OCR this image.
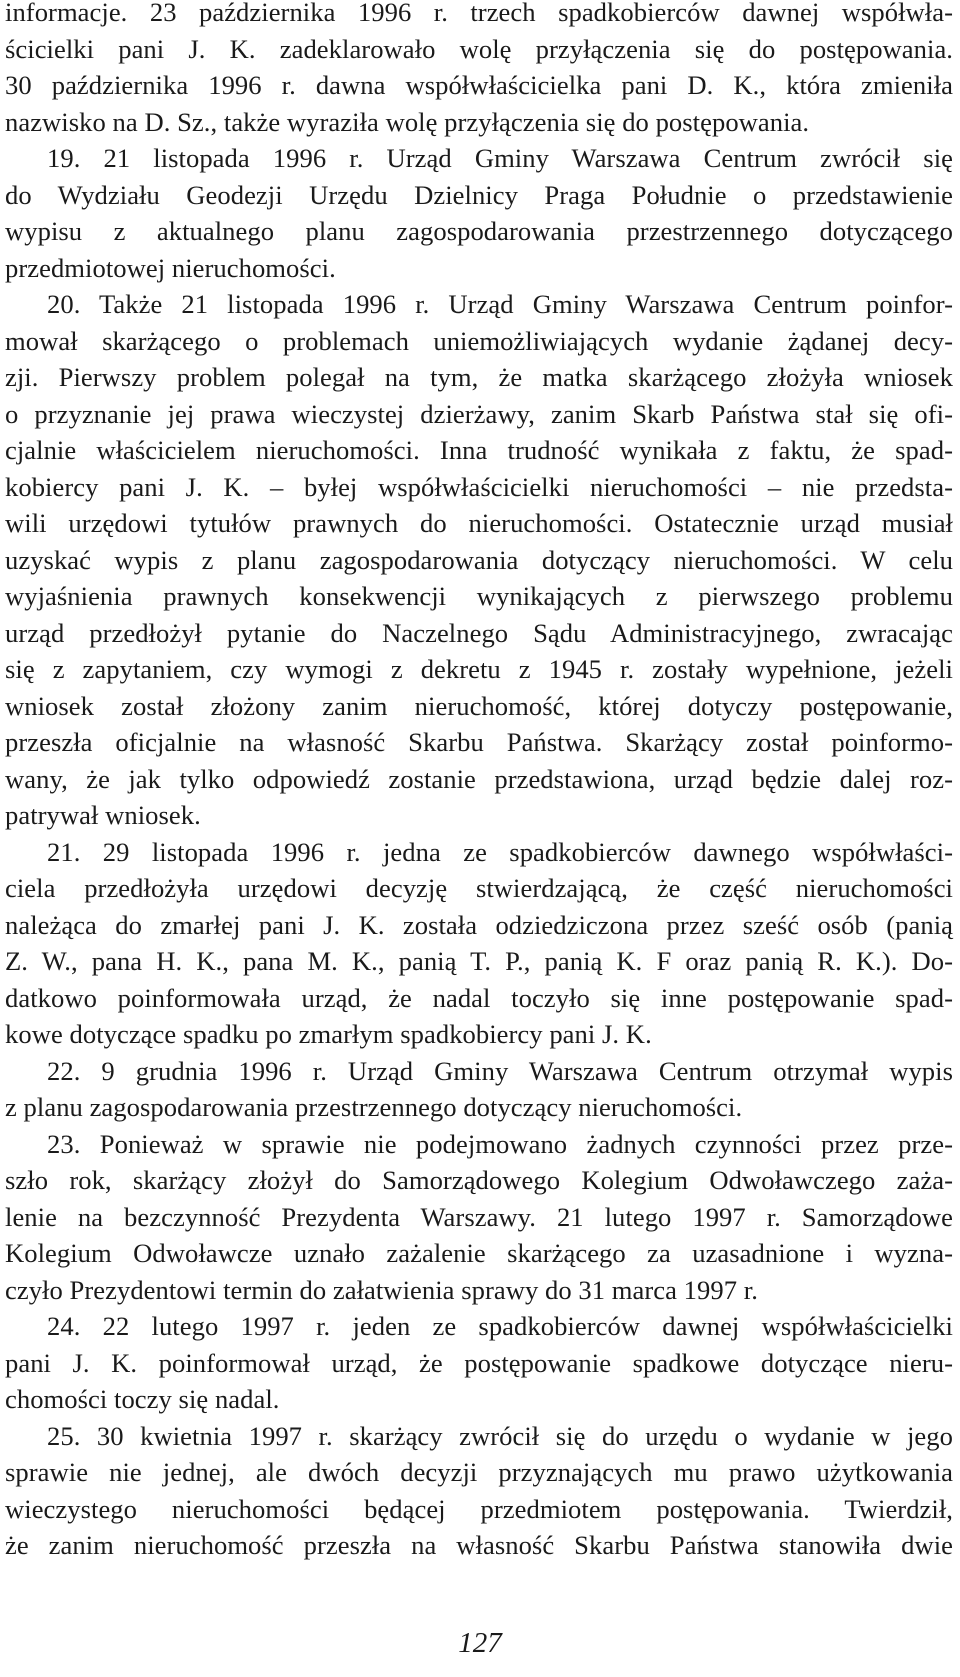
informacje. 23 października 1996 r. trzech spadkobierców dawnej współwła-
ścicielki pani J. K. zadeklarowało wolę przyłączenia się do postępowania.
30 października 1996 r. dawna współwłaścicielka pani D. K., która zmieniła
nazwisko na D. Sz., także wyraziła wolę przyłączenia się do postępowania.
19. 21 listopada 1996 r. Urząd Gminy Warszawa Centrum zwrócił się
do Wydziału Geodezji Urzędu Dzielnicy Praga Południe o przedstawienie
wypisu z aktualnego planu zagospodarowania przestrzennego dotyczącego
przedmiotowej nieruchomości.
20. Także 21 listopada 1996 r. Urząd Gminy Warszawa Centrum poinfor-
mował skarżącego o problemach uniemożliwiających wydanie żądanej decy-
zji. Pierwszy problem polegał na tym, że matka skarżącego złożyła wniosek
o przyznanie jej prawa wieczystej dzierżawy, zanim Skarb Państwa stał się ofi-
cjalnie właścicielem nieruchomości. Inna trudność wynikała z faktu, że spad-
kobiercy pani J. K. – byłej współwłaścicielki nieruchomości – nie przedsta-
wili urzędowi tytułów prawnych do nieruchomości. Ostatecznie urząd musiał
uzyskać wypis z planu zagospodarowania dotyczący nieruchomości. W celu
wyjaśnienia prawnych konsekwencji wynikających z pierwszego problemu
urząd przedłożył pytanie do Naczelnego Sądu Administracyjnego, zwracając
się z zapytaniem, czy wymogi z dekretu z 1945 r. zostały wypełnione, jeżeli
wniosek został złożony zanim nieruchomość, której dotyczy postępowanie,
przeszła oficjalnie na własność Skarbu Państwa. Skarżący został poinformo-
wany, że jak tylko odpowiedź zostanie przedstawiona, urząd będzie dalej roz-
patrywał wniosek.
21. 29 listopada 1996 r. jedna ze spadkobierców dawnego współwłaści-
ciela przedłożyła urzędowi decyzję stwierdzającą, że część nieruchomości
należąca do zmarłej pani J. K. została odziedziczona przez sześć osób (panią
Z. W., pana H. K., pana M. K., panią T. P., panią K. F oraz panią R. K.). Do-
datkowo poinformowała urząd, że nadal toczyło się inne postępowanie spad-
kowe dotyczące spadku po zmarłym spadkobiercy pani J. K.
22. 9 grudnia 1996 r. Urząd Gminy Warszawa Centrum otrzymał wypis
z planu zagospodarowania przestrzennego dotyczący nieruchomości.
23. Ponieważ w sprawie nie podejmowano żadnych czynności przez prze-
szło rok, skarżący złożył do Samorządowego Kolegium Odwoławczego zaża-
lenie na bezczynność Prezydenta Warszawy. 21 lutego 1997 r. Samorządowe
Kolegium Odwoławcze uznało zażalenie skarżącego za uzasadnione i wyzna-
czyło Prezydentowi termin do załatwienia sprawy do 31 marca 1997 r.
24. 22 lutego 1997 r. jeden ze spadkobierców dawnej współwłaścicielki
pani J. K. poinformował urząd, że postępowanie spadkowe dotyczące nieru-
chomości toczy się nadal.
25. 30 kwietnia 1997 r. skarżący zwrócił się do urzędu o wydanie w jego
sprawie nie jednej, ale dwóch decyzji przyznających mu prawo użytkowania
wieczystego nieruchomości będącej przedmiotem postępowania. Twierdził,
że zanim nieruchomość przeszła na własność Skarbu Państwa stanowiła dwie
127
